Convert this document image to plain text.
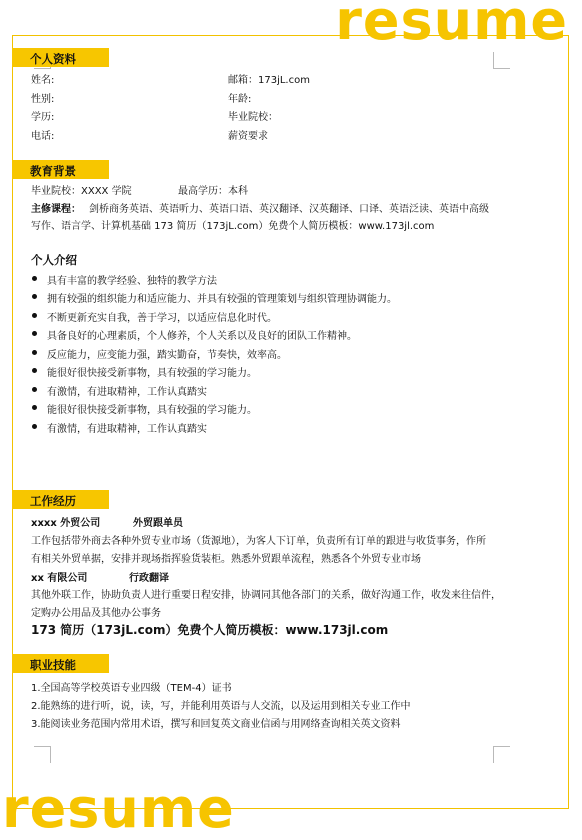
resume
resume
个人资料
姓名:	邮箱：173jL.com
性别:	年龄:
学历:	毕业院校：
电话:	薪资要求
教育背景
毕业院校：XXXX 学院	最高学历：本科
主修课程： 剑桥商务英语、英语听力、英语口语、英汉翻译、汉英翻译、口译、英语泛读、英语中高级
写作、语言学、计算机基础 173 简历（173jL.com）免费个人简历模板：www.173jl.com
个人介绍
具有丰富的教学经验、独特的教学方法
拥有较强的组织能力和适应能力、并具有较强的管理策划与组织管理协调能力。
不断更新充实自我，善于学习，以适应信息化时代。
具备良好的心理素质，个人修养，个人关系以及良好的团队工作精神。
反应能力，应变能力强，踏实勤奋，节奏快，效率高。
能很好很快接受新事物，具有较强的学习能力。
有激情，有进取精神，工作认真踏实
能很好很快接受新事物，具有较强的学习能力。
有激情，有进取精神，工作认真踏实
工作经历
xxxx 外贸公司	外贸跟单员
工作包括带外商去各种外贸专业市场（货源地），为客人下订单，负责所有订单的跟进与收货事务，作所
有相关外贸单据，安排并现场指挥验货装柜。熟悉外贸跟单流程，熟悉各个外贸专业市场
xx 有限公司	行政翻译
其他外联工作，协助负责人进行重要日程安排，协调同其他各部门的关系，做好沟通工作，收发来往信件，
定购办公用品及其他办公事务
173 简历（173jL.com）免费个人简历模板：www.173jl.com
职业技能
1.全国高等学校英语专业四级（TEM-4）证书
2.能熟练的进行听，说，读，写，并能利用英语与人交流，以及运用到相关专业工作中
3.能阅读业务范围内常用术语，撰写和回复英文商业信函与用网络查询相关英文资料
